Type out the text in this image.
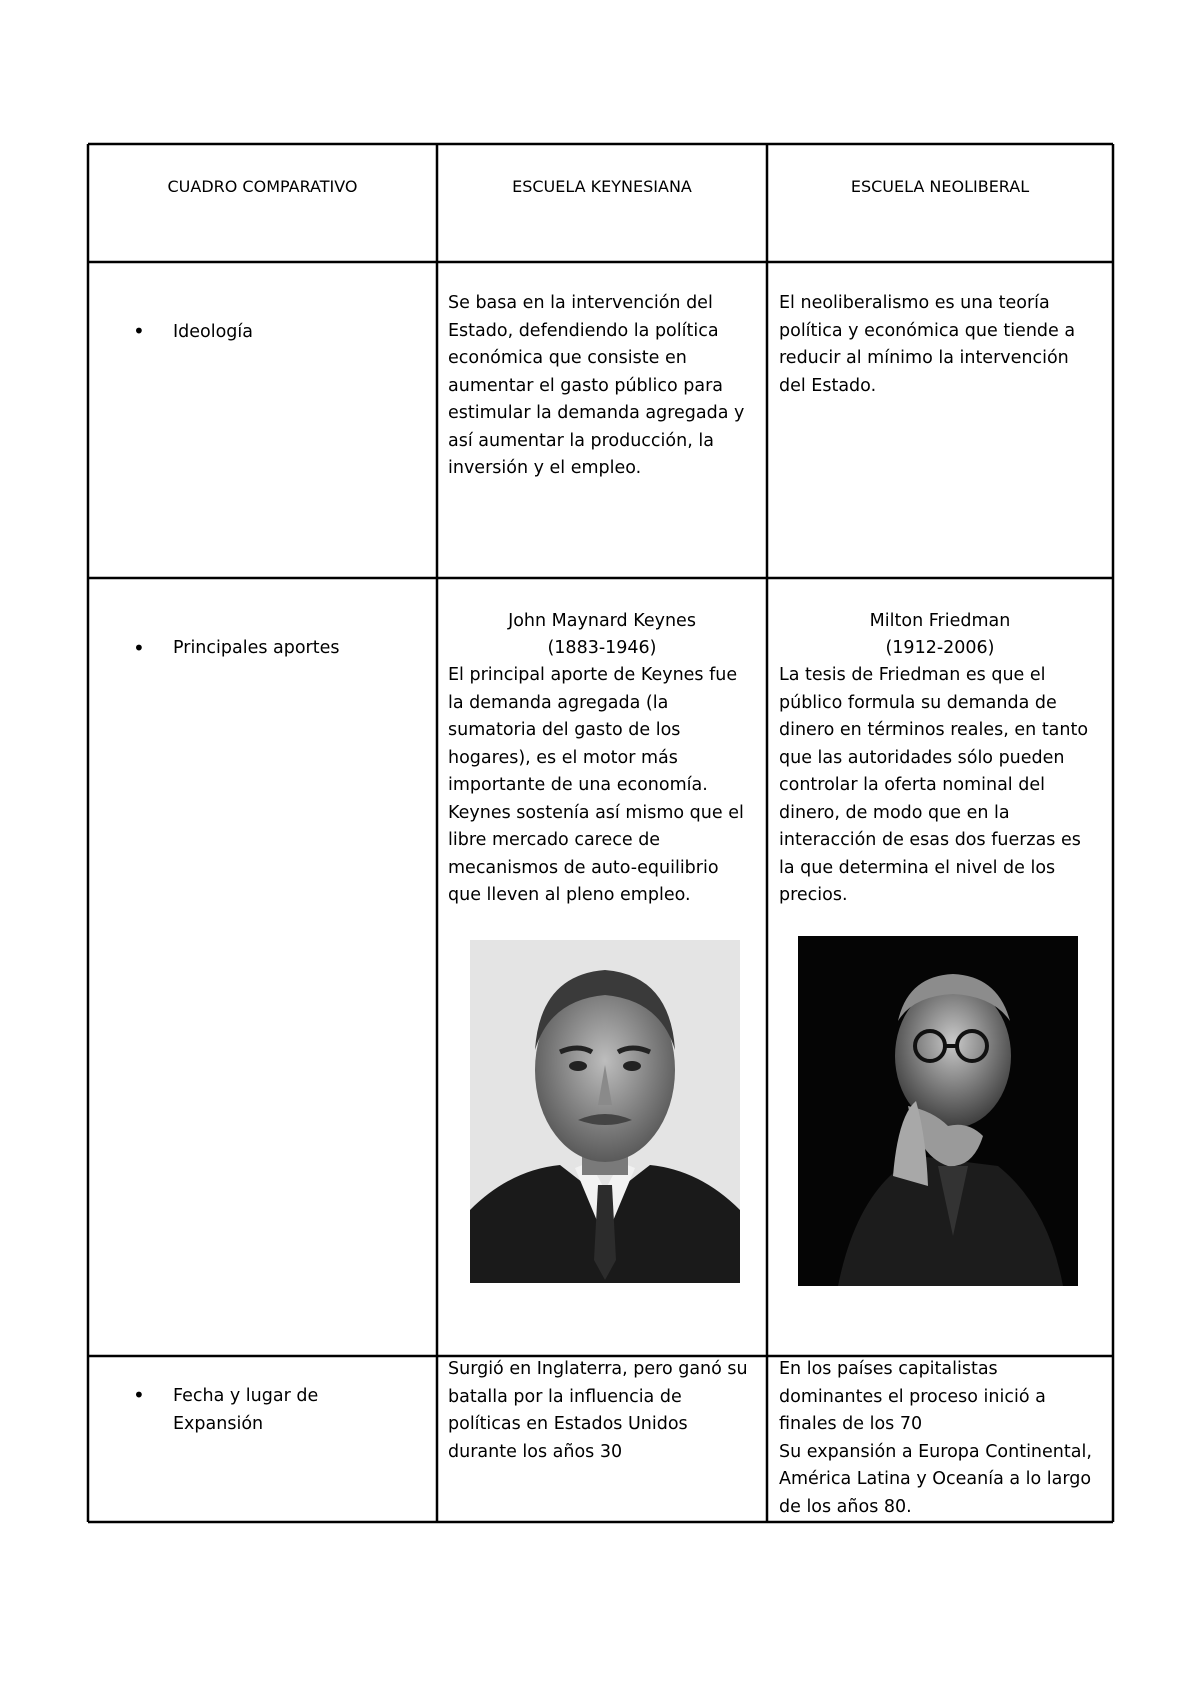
CUADRO COMPARATIVO	ESCUELA KEYNESIANA	ESCUELA NEOLIBERAL
• Ideología
Se basa en la intervención del
Estado, defendiendo la política
económica que consiste en
aumentar el gasto público para
estimular la demanda agregada y
así aumentar la producción, la
inversión y el empleo.
El neoliberalismo es una teoría
política y económica que tiende a
reducir al mínimo la intervención
del Estado.
• Principales aportes
John Maynard Keynes
(1883-1946)
El principal aporte de Keynes fue
la demanda agregada (la
sumatoria del gasto de los
hogares), es el motor más
importante de una economía.
Keynes sostenía así mismo que el
libre mercado carece de
mecanismos de auto-equilibrio
que lleven al pleno empleo.
Milton Friedman
(1912-2006)
La tesis de Friedman es que el
público formula su demanda de
dinero en términos reales, en tanto
que las autoridades sólo pueden
controlar la oferta nominal del
dinero, de modo que en la
interacción de esas dos fuerzas es
la que determina el nivel de los
precios.
• Fecha y lugar de
Expansión
Surgió en Inglaterra, pero ganó su
batalla por la influencia de
políticas en Estados Unidos
durante los años 30
En los países capitalistas
dominantes el proceso inició a
finales de los 70
Su expansión a Europa Continental,
América Latina y Oceanía a lo largo
de los años 80.
